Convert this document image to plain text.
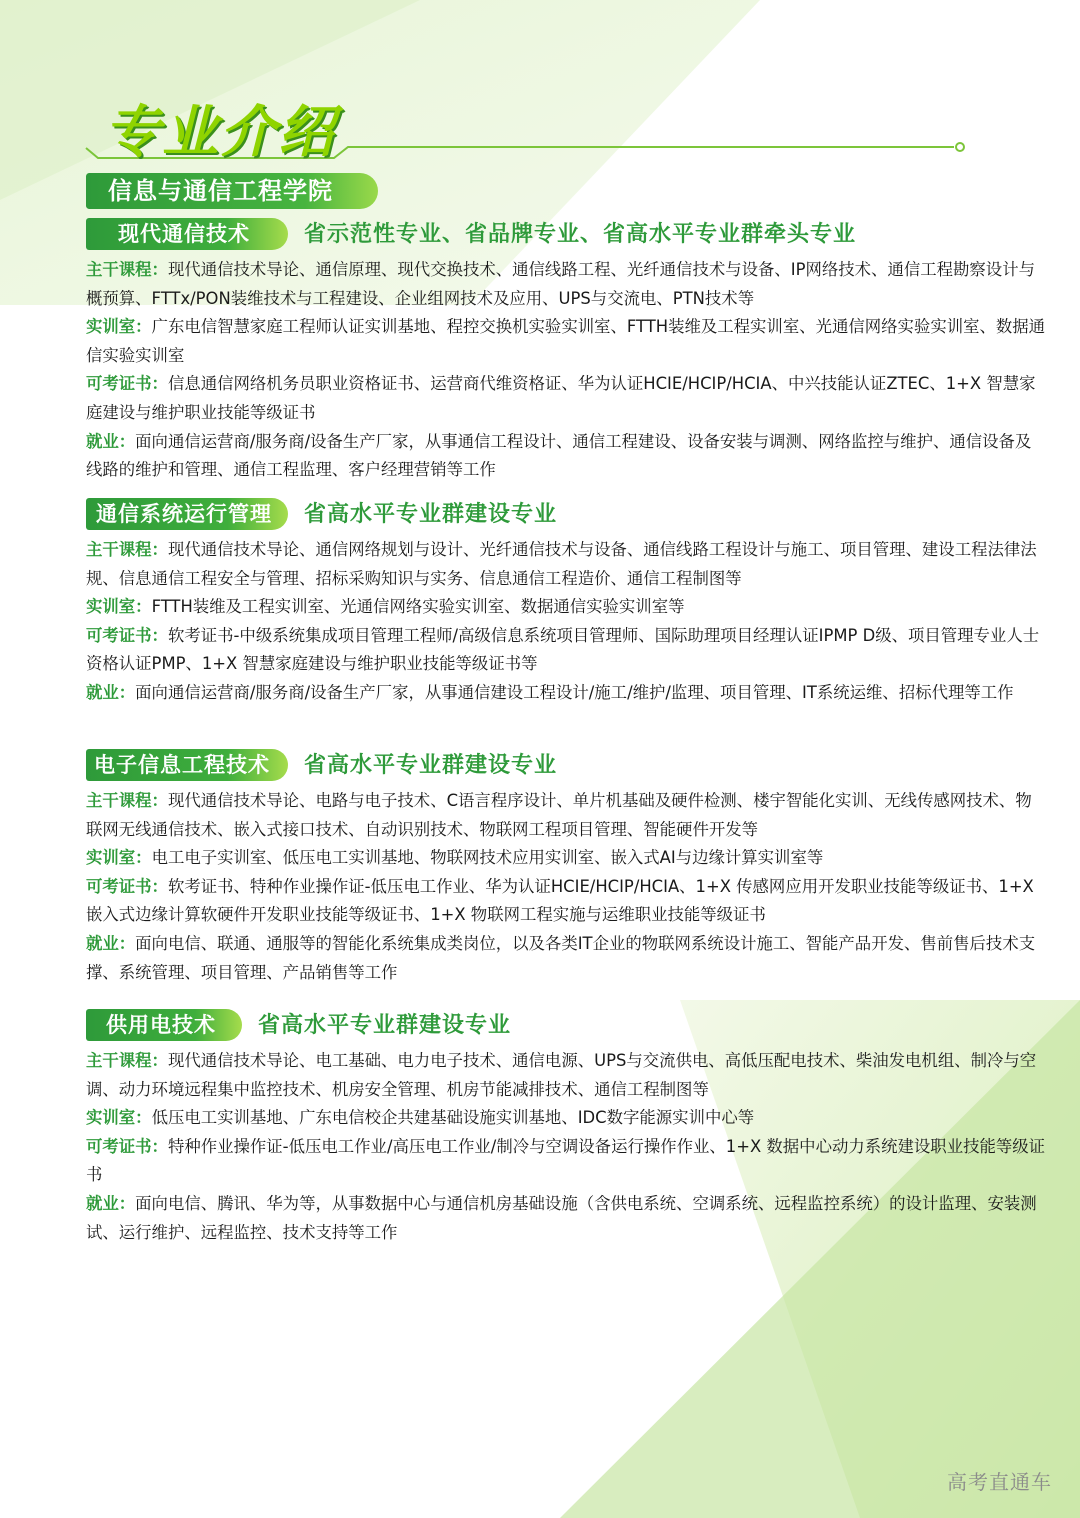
专业介绍
信息与通信工程学院
现代通信技术	省示范性专业、省品牌专业、省高水平专业群牵头专业

主干课程：现代通信技术导论、通信原理、现代交换技术、通信线路工程、光纤通信技术与设备、IP网络技术、通信工程勘察设计与概预算、FTTx/PON装维技术与工程建设、企业组网技术及应用、UPS与交流电、PTN技术等

实训室：广东电信智慧家庭工程师认证实训基地、程控交换机实验实训室、FTTH装维及工程实训室、光通信网络实验实训室、数据通信实验实训室

可考证书：信息通信网络机务员职业资格证书、运营商代维资格证、华为认证HCIE/HCIP/HCIA、中兴技能认证ZTEC、1+X 智慧家庭建设与维护职业技能等级证书

就业：面向通信运营商/服务商/设备生产厂家，从事通信工程设计、通信工程建设、设备安装与调测、网络监控与维护、通信设备及线路的维护和管理、通信工程监理、客户经理营销等工作

通信系统运行管理	省高水平专业群建设专业

主干课程：现代通信技术导论、通信网络规划与设计、光纤通信技术与设备、通信线路工程设计与施工、项目管理、建设工程法律法规、信息通信工程安全与管理、招标采购知识与实务、信息通信工程造价、通信工程制图等

实训室：FTTH装维及工程实训室、光通信网络实验实训室、数据通信实验实训室等

可考证书：软考证书-中级系统集成项目管理工程师/高级信息系统项目管理师、国际助理项目经理认证IPMP D级、项目管理专业人士资格认证PMP、1+X 智慧家庭建设与维护职业技能等级证书等

就业：面向通信运营商/服务商/设备生产厂家，从事通信建设工程设计/施工/维护/监理、项目管理、IT系统运维、招标代理等工作

电子信息工程技术	省高水平专业群建设专业

主干课程：现代通信技术导论、电路与电子技术、C语言程序设计、单片机基础及硬件检测、楼宇智能化实训、无线传感网技术、物联网无线通信技术、嵌入式接口技术、自动识别技术、物联网工程项目管理、智能硬件开发等

实训室：电工电子实训室、低压电工实训基地、物联网技术应用实训室、嵌入式AI与边缘计算实训室等

可考证书：软考证书、特种作业操作证-低压电工作业、华为认证HCIE/HCIP/HCIA、1+X 传感网应用开发职业技能等级证书、1+X 嵌入式边缘计算软硬件开发职业技能等级证书、1+X 物联网工程实施与运维职业技能等级证书

就业：面向电信、联通、通服等的智能化系统集成类岗位，以及各类IT企业的物联网系统设计施工、智能产品开发、售前售后技术支撑、系统管理、项目管理、产品销售等工作

供用电技术	省高水平专业群建设专业

主干课程：现代通信技术导论、电工基础、电力电子技术、通信电源、UPS与交流供电、高低压配电技术、柴油发电机组、制冷与空调、动力环境远程集中监控技术、机房安全管理、机房节能减排技术、通信工程制图等

实训室：低压电工实训基地、广东电信校企共建基础设施实训基地、IDC数字能源实训中心等

可考证书：特种作业操作证-低压电工作业/高压电工作业/制冷与空调设备运行操作作业、1+X 数据中心动力系统建设职业技能等级证书

就业：面向电信、腾讯、华为等，从事数据中心与通信机房基础设施（含供电系统、空调系统、远程监控系统）的设计监理、安装测试、运行维护、远程监控、技术支持等工作

高考直通车
